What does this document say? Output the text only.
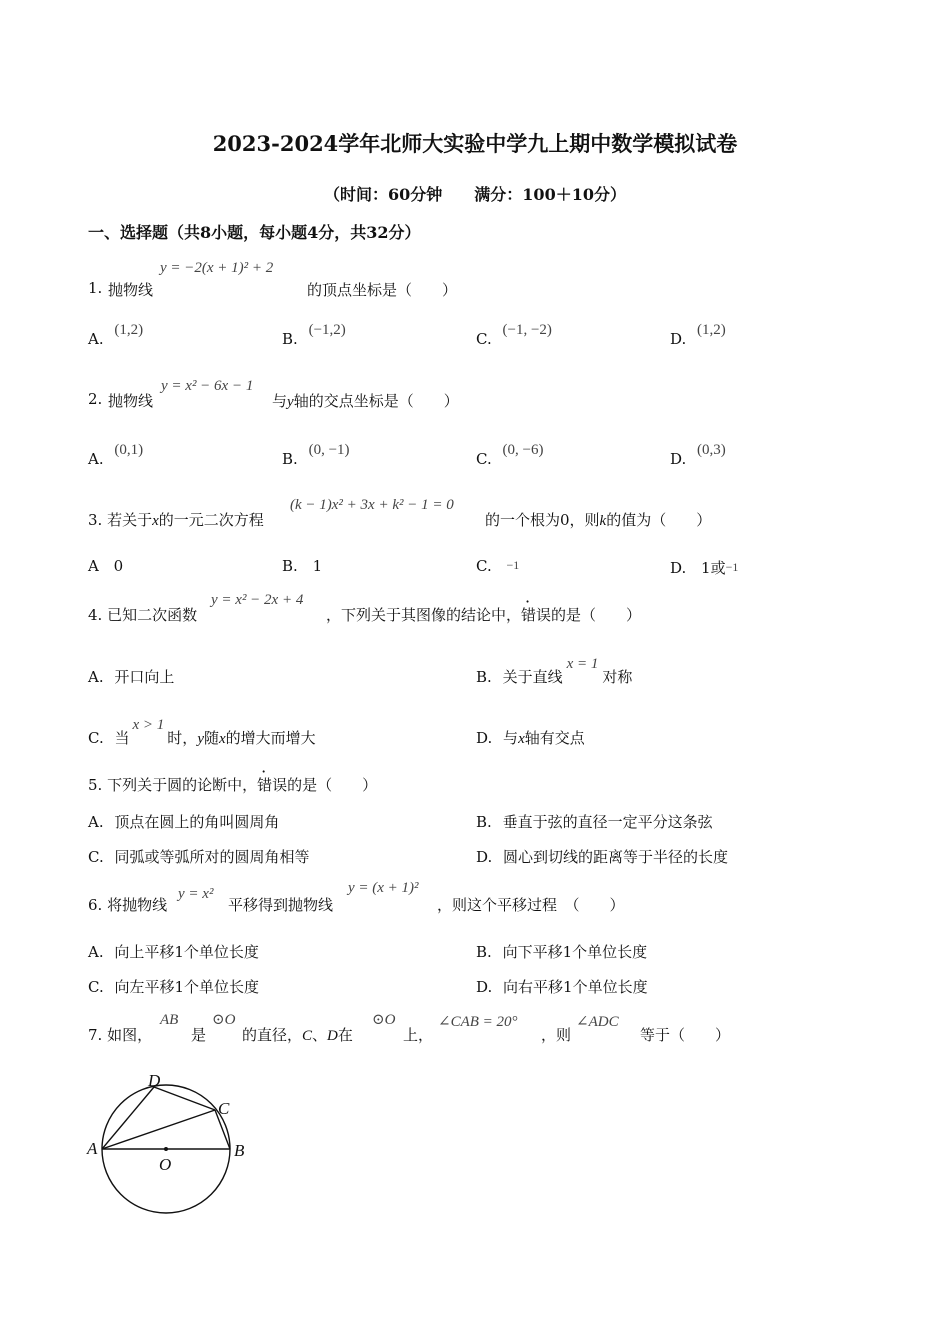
2023-2024学年北师大实验中学九上期中数学模拟试卷
（时间：60分钟　　满分：100＋10分）
一、选择题（共8小题，每小题4分，共32分）
1. 抛物线
y = −2(x + 1)² + 2
的顶点坐标是（　　）
A. (1,2)	B. (−1,2)	C. (−1, −2)	D. (1,2)
2. 抛物线
y = x² − 6x − 1
与y轴的交点坐标是（　　）
A. (0,1)	B. (0, −1)	C. (0, −6)	D. (0,3)
3. 若关于x的一元二次方程
(k − 1)x² + 3x + k² − 1 = 0
的一个根为0，则k的值为（　　）
A 0	B. 1	C. −1	D. 1或−1
4. 已知二次函数
y = x² − 2x + 4
，下列关于其图像的结论中，错误的是（　　）
A. 开口向上	B. 关于直线x = 1对称
C. 当x > 1时，y随x的增大而增大	D. 与x轴有交点
5. 下列关于圆的论断中，错误的是（　　）
A. 顶点在圆上的角叫圆周角	B. 垂直于弦的直径一定平分这条弦
C. 同弧或等弧所对的圆周角相等	D. 圆心到切线的距离等于半径的长度
6. 将抛物线
y = x²
平移得到抛物线
y = (x + 1)²
，则这个平移过程　（　　）
A. 向上平移1个单位长度	B. 向下平移1个单位长度
C. 向左平移1个单位长度	D. 向右平移1个单位长度
7. 如图，
AB
是
⊙O
的直径，C、D在
⊙O
上，
∠CAB = 20°
，则
∠ADC
等于（　　）
D
C
A	B
O
